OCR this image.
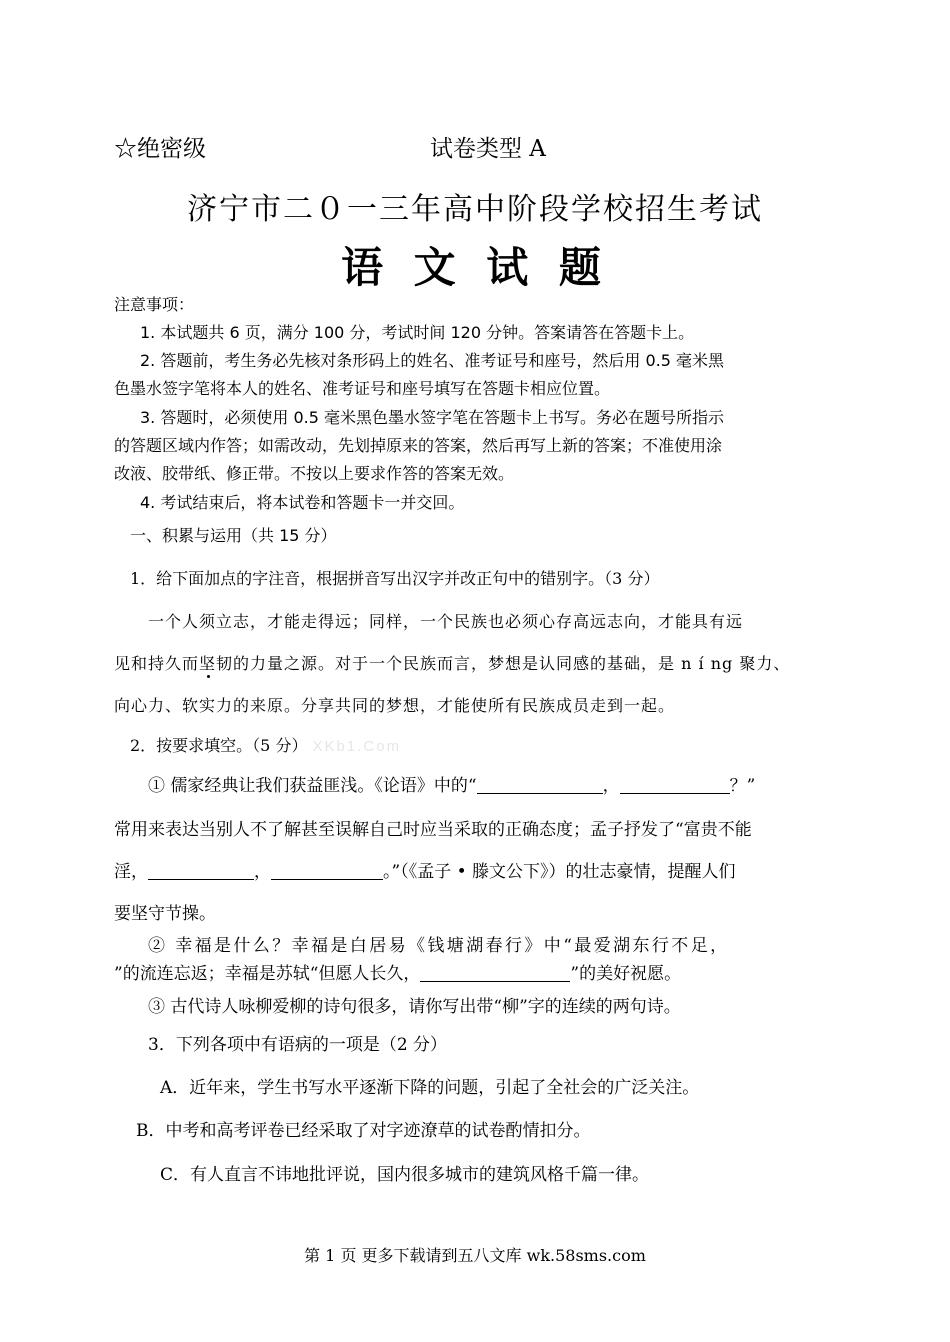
☆绝密级	试卷类型 A
济宁市二０一三年高中阶段学校招生考试
语 文 试 题
注意事项：
1. 本试题共 6 页，满分 100 分，考试时间 120 分钟。答案请答在答题卡上。
2. 答题前，考生务必先核对条形码上的姓名、准考证号和座号，然后用 0.5 毫米黑
色墨水签字笔将本人的姓名、准考证号和座号填写在答题卡相应位置。
3. 答题时，必须使用 0.5 毫米黑色墨水签字笔在答题卡上书写。务必在题号所指示
的答题区域内作答；如需改动，先划掉原来的答案，然后再写上新的答案；不准使用涂
改液、胶带纸、修正带。不按以上要求作答的答案无效。
4. 考试结束后，将本试卷和答题卡一并交回。
一、积累与运用（共 15 分）
1．给下面加点的字注音，根据拼音写出汉字并改正句中的错别字。（3 分）
一个人须立志，才能走得远；同样，一个民族也必须心存高远志向，才能具有远
见和持久而坚韧的力量之源。对于一个民族而言，梦想是认同感的基础，是 n í ng 聚力、
向心力、软实力的来原。分享共同的梦想，才能使所有民族成员走到一起。
2．按要求填空。（5 分） XKb1.Com
① 儒家经典让我们获益匪浅。《论语》中的“	，	？”
常用来表达当别人不了解甚至误解自己时应当采取的正确态度；孟子抒发了“富贵不能
淫，	，	。”（《孟子 • 滕文公下》）的壮志豪情，提醒人们
要坚守节操。
② 幸福是什么？幸福是白居易《钱塘湖春行》中“最爱湖东行不足，
”的流连忘返；幸福是苏轼“但愿人长久，	”的美好祝愿。
③ 古代诗人咏柳爱柳的诗句很多，请你写出带“柳”字的连续的两句诗。
3．下列各项中有语病的一项是（2 分）
A．近年来，学生书写水平逐渐下降的问题，引起了全社会的广泛关注。
B．中考和高考评卷已经采取了对字迹潦草的试卷酌情扣分。
C．有人直言不讳地批评说，国内很多城市的建筑风格千篇一律。
第 1 页 更多下载请到五八文库 wk.58sms.com
